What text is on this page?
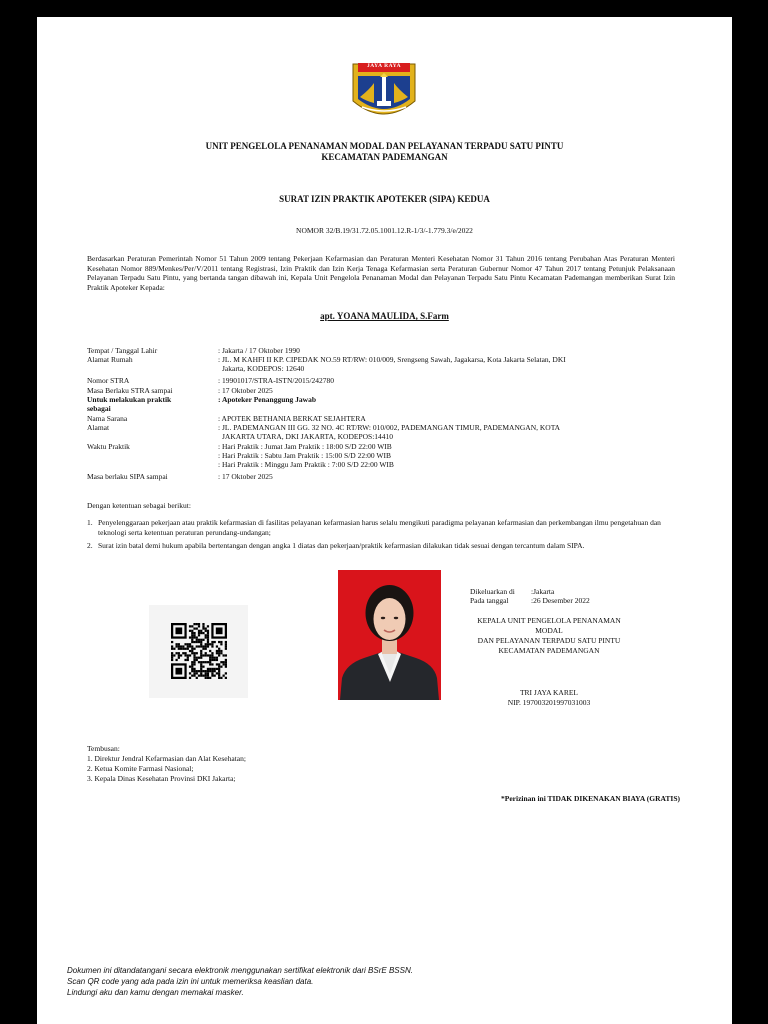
JAYA RAYA
UNIT PENGELOLA PENANAMAN MODAL DAN PELAYANAN TERPADU SATU PINTU
KECAMATAN PADEMANGAN
SURAT IZIN PRAKTIK APOTEKER (SIPA) KEDUA
NOMOR 32/B.19/31.72.05.1001.12.R-1/3/-1.779.3/e/2022
Berdasarkan Peraturan Pemerintah Nomor 51 Tahun 2009 tentang Pekerjaan Kefarmasian dan Peraturan Menteri Kesehatan Nomor 31 Tahun 2016 tentang Perubahan Atas Peraturan Menteri Kesehatan Nomor 889/Menkes/Per/V/2011 tentang Registrasi, Izin Praktik dan Izin Kerja Tenaga Kefarmasian serta Peraturan Gubernur Nomor 47 Tahun 2017 tentang Petunjuk Pelaksanaan Pelayanan Terpadu Satu Pintu, yang bertanda tangan dibawah ini, Kepala Unit Pengelola Penanaman Modal dan Pelayanan Terpadu Satu Pintu Kecamatan Pademangan memberikan Surat Izin Praktik Apoteker Kepada:
apt. YOANA MAULIDA, S.Farm
Tempat / Tanggal Lahir	: Jakarta / 17 Oktober 1990
Alamat Rumah	: JL. M KAHFI II KP. CIPEDAK NO.59 RT/RW: 010/009, Srengseng Sawah, Jagakarsa, Kota Jakarta Selatan, DKI
Jakarta, KODEPOS: 12640
Nomor STRA	: 19901017/STRA-ISTN/2015/242780
Masa Berlaku STRA sampai	: 17 Oktober 2025
Untuk melakukan praktik	: Apoteker Penanggung Jawab
sebagai
Nama Sarana	: APOTEK BETHANIA BERKAT SEJAHTERA
Alamat	: JL. PADEMANGAN III GG. 32 NO. 4C RT/RW: 010/002, PADEMANGAN TIMUR, PADEMANGAN, KOTA
JAKARTA UTARA, DKI JAKARTA, KODEPOS:14410
Waktu Praktik	: Hari Praktik : Jumat Jam Praktik : 18:00 S/D 22:00 WIB
: Hari Praktik : Sabtu Jam Praktik : 15:00 S/D 22:00 WIB
: Hari Praktik : Minggu Jam Praktik : 7:00 S/D 22:00 WIB
Masa berlaku SIPA sampai	: 17 Oktober 2025
Dengan ketentuan sebagai berikut:
1. Penyelenggaraan pekerjaan atau praktik kefarmasian di fasilitas pelayanan kefarmasian harus selalu mengikuti paradigma pelayanan kefarmasian dan perkembangan ilmu pengetahuan dan teknologi serta ketentuan peraturan perundang-undangan;
2. Surat izin batal demi hukum apabila bertentangan dengan angka 1 diatas dan pekerjaan/praktik kefarmasian dilakukan tidak sesuai dengan tercantum dalam SIPA.
Dikeluarkan di :Jakarta
Pada tanggal	:26 Desember 2022
KEPALA UNIT PENGELOLA PENANAMAN
MODAL
DAN PELAYANAN TERPADU SATU PINTU
KECAMATAN PADEMANGAN
TRI JAYA KAREL
NIP. 197003201997031003
Tembusan:
1. Direktur Jendral Kefarmasian dan Alat Kesehatan;
2. Ketua Komite Farmasi Nasional;
3. Kepala Dinas Kesehatan Provinsi DKI Jakarta;
*Perizinan ini TIDAK DIKENAKAN BIAYA (GRATIS)
Dokumen ini ditandatangani secara elektronik menggunakan sertifikat elektronik dari BSrE BSSN.
Scan QR code yang ada pada izin ini untuk memeriksa keaslian data.
Lindungi aku dan kamu dengan memakai masker.
